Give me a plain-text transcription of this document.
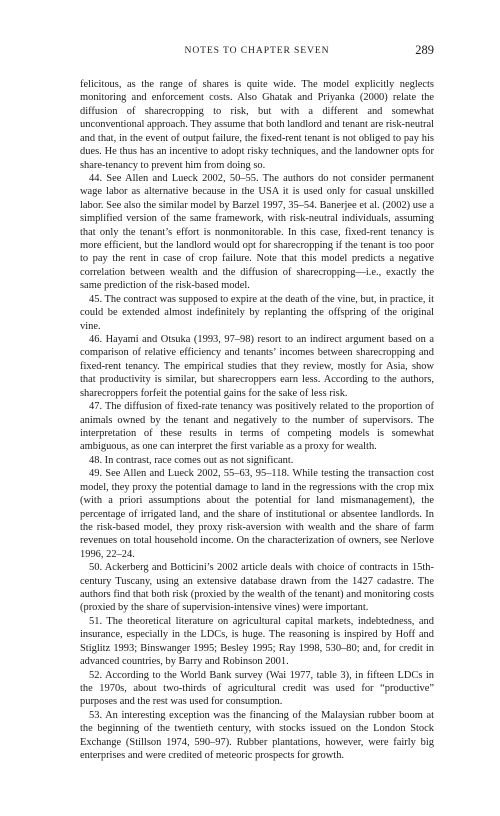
NOTES TO CHAPTER SEVEN	289

felicitous, as the range of shares is quite wide. The model explicitly neglects monitoring and enforcement costs. Also Ghatak and Priyanka (2000) relate the diffusion of sharecropping to risk, but with a different and somewhat unconventional approach. They assume that both landlord and tenant are risk-neutral and that, in the event of output failure, the fixed-rent tenant is not obliged to pay his dues. He thus has an incentive to adopt risky techniques, and the landowner opts for share-tenancy to prevent him from doing so.

44. See Allen and Lueck 2002, 50–55. The authors do not consider permanent wage labor as alternative because in the USA it is used only for casual unskilled labor. See also the similar model by Barzel 1997, 35–54. Banerjee et al. (2002) use a simplified version of the same framework, with risk-neutral individuals, assuming that only the tenant’s effort is nonmonitorable. In this case, fixed-rent tenancy is more efficient, but the landlord would opt for sharecropping if the tenant is too poor to pay the rent in case of crop failure. Note that this model predicts a negative correlation between wealth and the diffusion of sharecropping—i.e., exactly the same prediction of the risk-based model.

45. The contract was supposed to expire at the death of the vine, but, in practice, it could be extended almost indefinitely by replanting the offspring of the original vine.

46. Hayami and Otsuka (1993, 97–98) resort to an indirect argument based on a comparison of relative efficiency and tenants’ incomes between sharecropping and fixed-rent tenancy. The empirical studies that they review, mostly for Asia, show that productivity is similar, but sharecroppers earn less. According to the authors, sharecroppers forfeit the potential gains for the sake of less risk.

47. The diffusion of fixed-rate tenancy was positively related to the proportion of animals owned by the tenant and negatively to the number of supervisors. The interpretation of these results in terms of competing models is somewhat ambiguous, as one can interpret the first variable as a proxy for wealth.

48. In contrast, race comes out as not significant.

49. See Allen and Lueck 2002, 55–63, 95–118. While testing the transaction cost model, they proxy the potential damage to land in the regressions with the crop mix (with a priori assumptions about the potential for land mismanagement), the percentage of irrigated land, and the share of institutional or absentee landlords. In the risk-based model, they proxy risk-aversion with wealth and the share of farm revenues on total household income. On the characterization of owners, see Nerlove 1996, 22–24.

50. Ackerberg and Botticini’s 2002 article deals with choice of contracts in 15th-century Tuscany, using an extensive database drawn from the 1427 cadastre. The authors find that both risk (proxied by the wealth of the tenant) and monitoring costs (proxied by the share of supervision-intensive vines) were important.

51. The theoretical literature on agricultural capital markets, indebtedness, and insurance, especially in the LDCs, is huge. The reasoning is inspired by Hoff and Stiglitz 1993; Binswanger 1995; Besley 1995; Ray 1998, 530–80; and, for credit in advanced countries, by Barry and Robinson 2001.

52. According to the World Bank survey (Wai 1977, table 3), in fifteen LDCs in the 1970s, about two-thirds of agricultural credit was used for “productive” purposes and the rest was used for consumption.

53. An interesting exception was the financing of the Malaysian rubber boom at the beginning of the twentieth century, with stocks issued on the London Stock Exchange (Stillson 1974, 590–97). Rubber plantations, however, were fairly big enterprises and were credited of meteoric prospects for growth.
